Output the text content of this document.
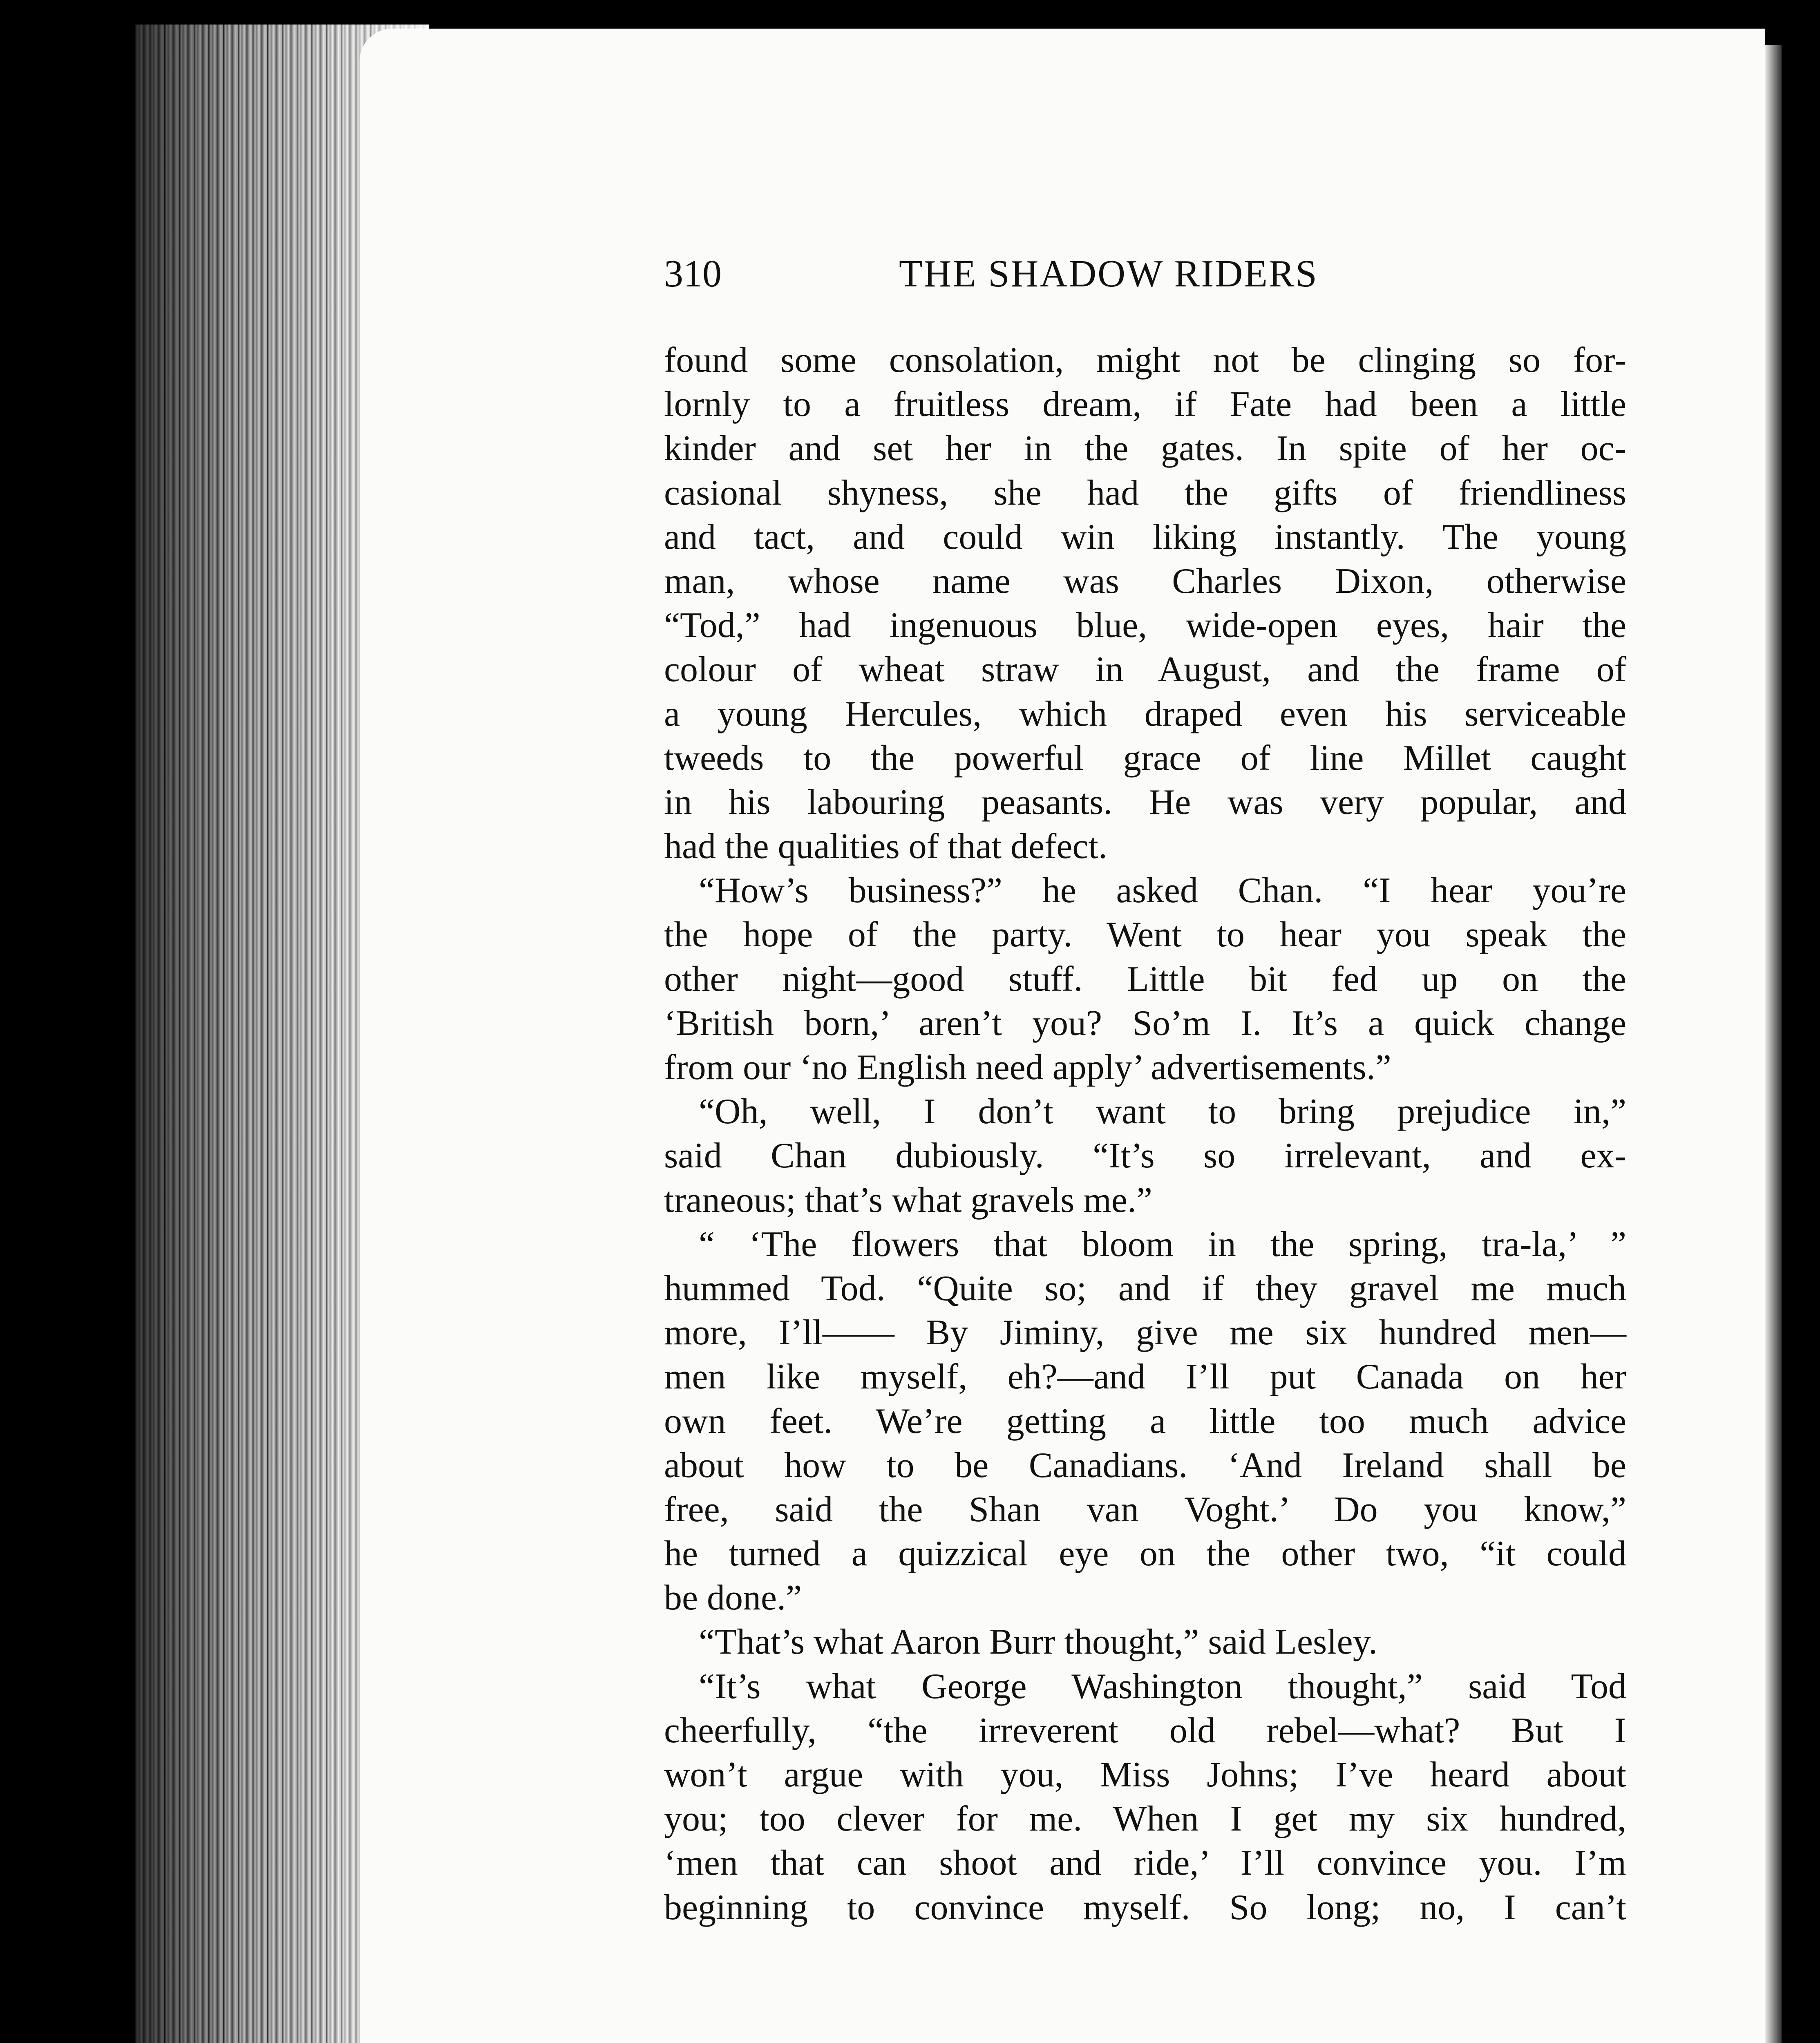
310	THE SHADOW RIDERS
found some consolation, might not be clinging so for-
lornly to a fruitless dream, if Fate had been a little
kinder and set her in the gates. In spite of her oc-
casional shyness, she had the gifts of friendliness
and tact, and could win liking instantly. The young
man, whose name was Charles Dixon, otherwise
“Tod,” had ingenuous blue, wide-open eyes, hair the
colour of wheat straw in August, and the frame of
a young Hercules, which draped even his serviceable
tweeds to the powerful grace of line Millet caught
in his labouring peasants. He was very popular, and
had the qualities of that defect.
“How’s business?” he asked Chan. “I hear you’re
the hope of the party. Went to hear you speak the
other night—good stuff. Little bit fed up on the
‘British born,’ aren’t you? So’m I. It’s a quick change
from our ‘no English need apply’ advertisements.”
“Oh, well, I don’t want to bring prejudice in,”
said Chan dubiously. “It’s so irrelevant, and ex-
traneous; that’s what gravels me.”
“ ‘The flowers that bloom in the spring, tra-la,’ ”
hummed Tod. “Quite so; and if they gravel me much
more, I’ll—— By Jiminy, give me six hundred men—
men like myself, eh?—and I’ll put Canada on her
own feet. We’re getting a little too much advice
about how to be Canadians. ‘And Ireland shall be
free, said the Shan van Voght.’ Do you know,”
he turned a quizzical eye on the other two, “it could
be done.”
“That’s what Aaron Burr thought,” said Lesley.
“It’s what George Washington thought,” said Tod
cheerfully, “the irreverent old rebel—what? But I
won’t argue with you, Miss Johns; I’ve heard about
you; too clever for me. When I get my six hundred,
‘men that can shoot and ride,’ I’ll convince you. I’m
beginning to convince myself. So long; no, I can’t
